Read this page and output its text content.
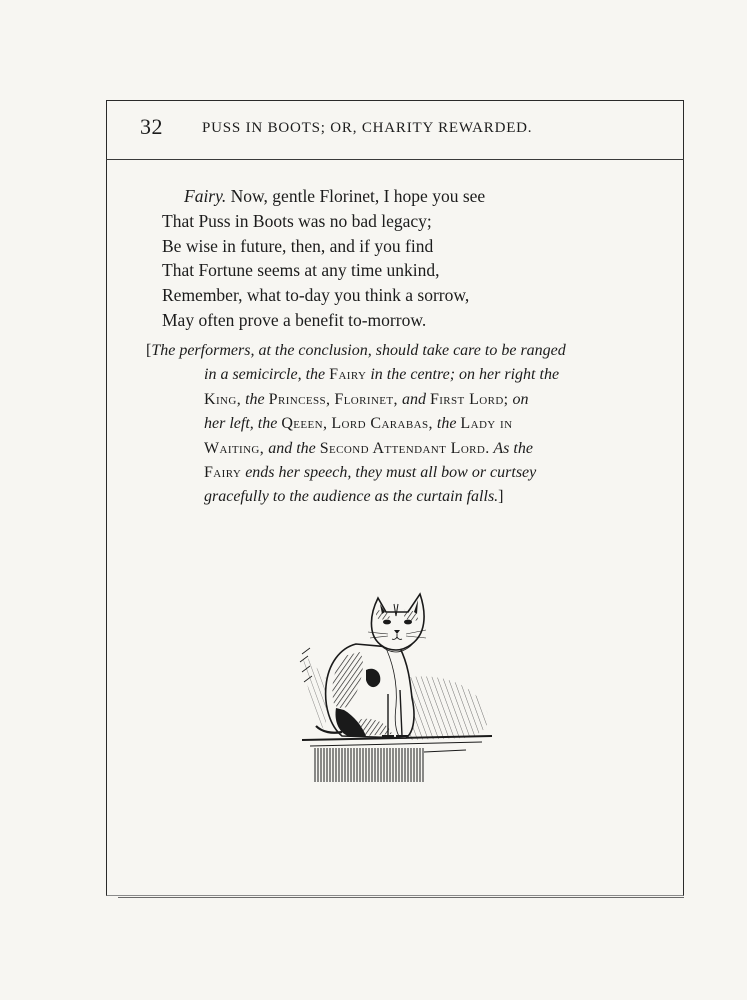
32	PUSS IN BOOTS; OR, CHARITY REWARDED.
Fairy. Now, gentle Florinet, I hope you see
That Puss in Boots was no bad legacy;
Be wise in future, then, and if you find
That Fortune seems at any time unkind,
Remember, what to-day you think a sorrow,
May often prove a benefit to-morrow.
[The performers, at the conclusion, should take care to be ranged
in a semicircle, the Fairy in the centre; on her right the
King, the Princess, Florinet, and First Lord; on
her left, the Qeeen, Lord Carabas, the Lady in
Waiting, and the Second Attendant Lord. As the
Fairy ends her speech, they must all bow or curtsey
gracefully to the audience as the curtain falls.]
